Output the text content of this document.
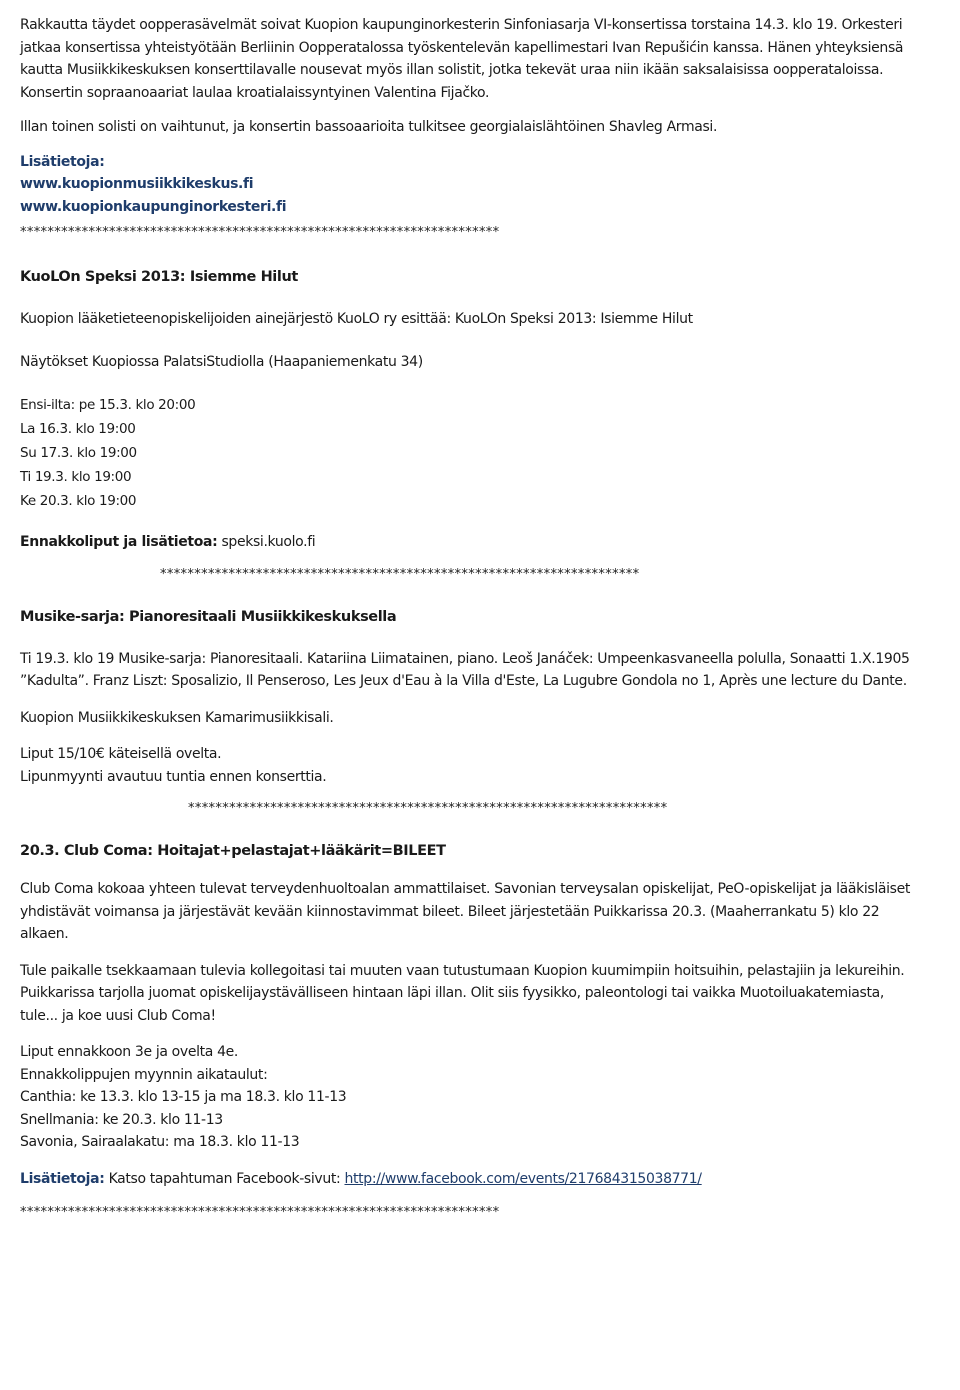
Rakkautta täydet oopperasävelmät soivat Kuopion kaupunginorkesterin Sinfoniasarja VI-konsertissa torstaina 14.3. klo 19. Orkesteri jatkaa konsertissa yhteistyötään Berliinin Oopperatalossa työskentelevän kapellimestari Ivan Repušićin kanssa. Hänen yhteyksiensä kautta Musiikkikeskuksen konserttilavalle nousevat myös illan solistit, jotka tekevät uraa niin ikään saksalaisissa oopperataloissa. Konsertin sopraanoaariat laulaa kroatialaissyntyinen Valentina Fijačko.

Illan toinen solisti on vaihtunut, ja konsertin bassoaarioita tulkitsee georgialaislähtöinen Shavleg Armasi.

Lisätietoja:
www.kuopionmusiikkikeskus.fi
www.kuopionkaupunginorkesteri.fi

**********************************************************************

KuoLOn Speksi 2013: Isiemme Hilut

Kuopion lääketieteenopiskelijoiden ainejärjestö KuoLO ry esittää: KuoLOn Speksi 2013: Isiemme Hilut

Näytökset Kuopiossa PalatsiStudiolla (Haapaniemenkatu 34)

Ensi-ilta: pe 15.3. klo 20:00
La 16.3. klo 19:00
Su 17.3. klo 19:00
Ti 19.3. klo 19:00
Ke 20.3. klo 19:00

Ennakkoliput ja lisätietoa: speksi.kuolo.fi

**********************************************************************

Musike-sarja: Pianoresitaali Musiikkikeskuksella

Ti 19.3. klo 19 Musike-sarja: Pianoresitaali. Katariina Liimatainen, piano. Leoš Janáček: Umpeenkasvaneella polulla, Sonaatti 1.X.1905 ”Kadulta”. Franz Liszt: Sposalizio, Il Penseroso, Les Jeux d'Eau à la Villa d'Este, La Lugubre Gondola no 1, Après une lecture du Dante.

Kuopion Musiikkikeskuksen Kamarimusiikkisali.

Liput 15/10€ käteisellä ovelta.
Lipunmyynti avautuu tuntia ennen konserttia.

**********************************************************************

20.3. Club Coma: Hoitajat+pelastajat+lääkärit=BILEET

Club Coma kokoaa yhteen tulevat terveydenhuoltoalan ammattilaiset. Savonian terveysalan opiskelijat, PeO-opiskelijat ja lääkisläiset yhdistävät voimansa ja järjestävät kevään kiinnostavimmat bileet. Bileet järjestetään Puikkarissa 20.3. (Maaherrankatu 5) klo 22 alkaen.

Tule paikalle tsekkaamaan tulevia kollegoitasi tai muuten vaan tutustumaan Kuopion kuumimpiin hoitsuihin, pelastajiin ja lekureihin. Puikkarissa tarjolla juomat opiskelijaystävälliseen hintaan läpi illan. Olit siis fyysikko, paleontologi tai vaikka Muotoiluakatemiasta, tule... ja koe uusi Club Coma!

Liput ennakkoon 3e ja ovelta 4e.
Ennakkolippujen myynnin aikataulut:
Canthia: ke 13.3. klo 13-15 ja ma 18.3. klo 11-13
Snellmania: ke 20.3. klo 11-13
Savonia, Sairaalakatu: ma 18.3. klo 11-13

Lisätietoja: Katso tapahtuman Facebook-sivut: http://www.facebook.com/events/217684315038771/

**********************************************************************
